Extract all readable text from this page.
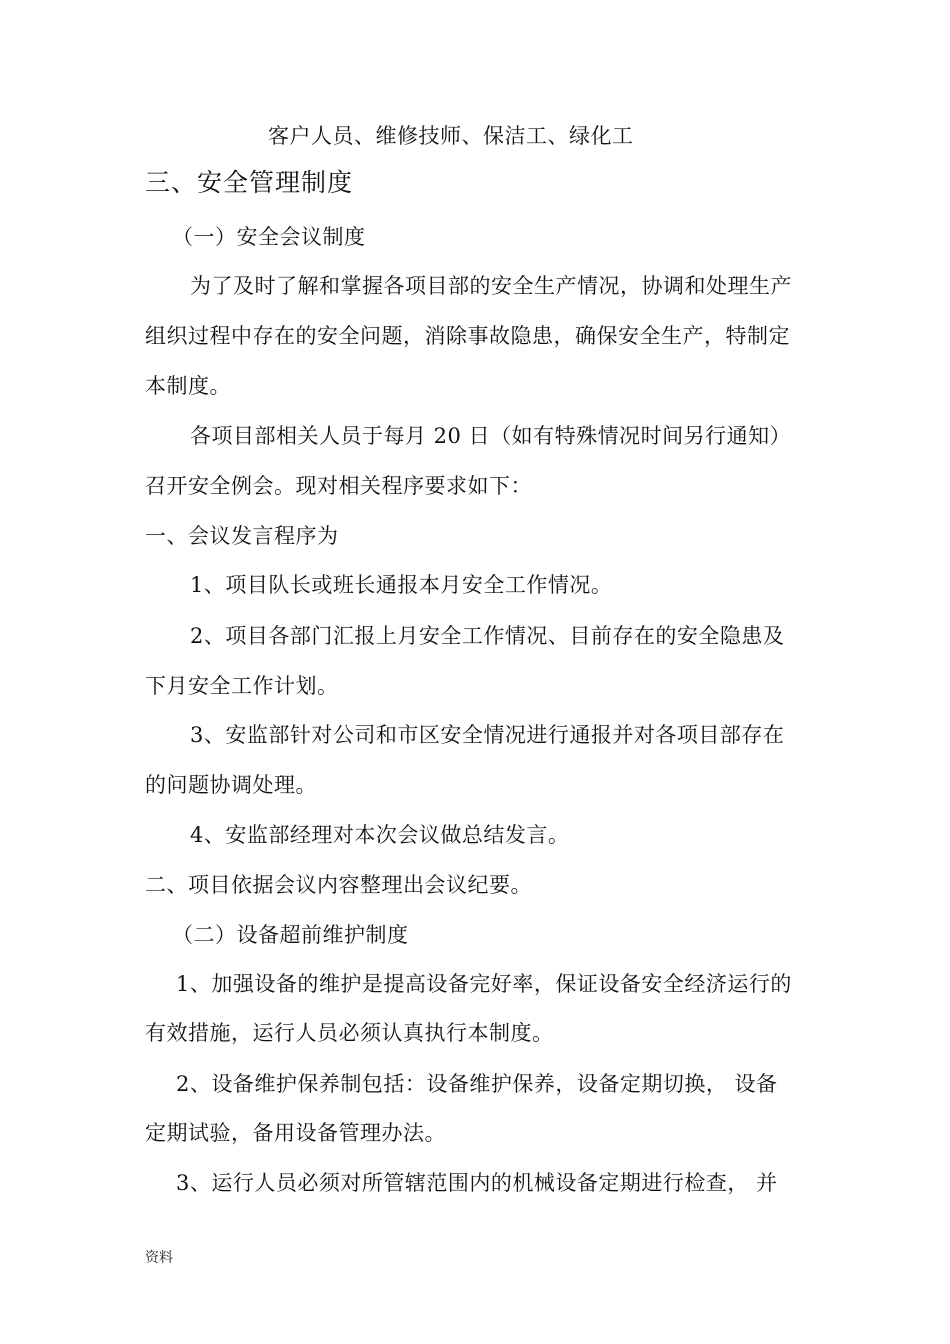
客户人员、维修技师、保洁工、绿化工
三、安全管理制度
（一）安全会议制度
为了及时了解和掌握各项目部的安全生产情况，协调和处理生产
组织过程中存在的安全问题，消除事故隐患，确保安全生产，特制定
本制度。
各项目部相关人员于每月 20 日（如有特殊情况时间另行通知）
召开安全例会。现对相关程序要求如下：
一、会议发言程序为
1、项目队长或班长通报本月安全工作情况。
2、项目各部门汇报上月安全工作情况、目前存在的安全隐患及
下月安全工作计划。
3、安监部针对公司和市区安全情况进行通报并对各项目部存在
的问题协调处理。
4、安监部经理对本次会议做总结发言。
二、项目依据会议内容整理出会议纪要。
（二）设备超前维护制度
1、加强设备的维护是提高设备完好率，保证设备安全经济运行的
有效措施，运行人员必须认真执行本制度。
2、设备维护保养制包括：设备维护保养，设备定期切换， 设备
定期试验，备用设备管理办法。
3、运行人员必须对所管辖范围内的机械设备定期进行检查， 并
资料
